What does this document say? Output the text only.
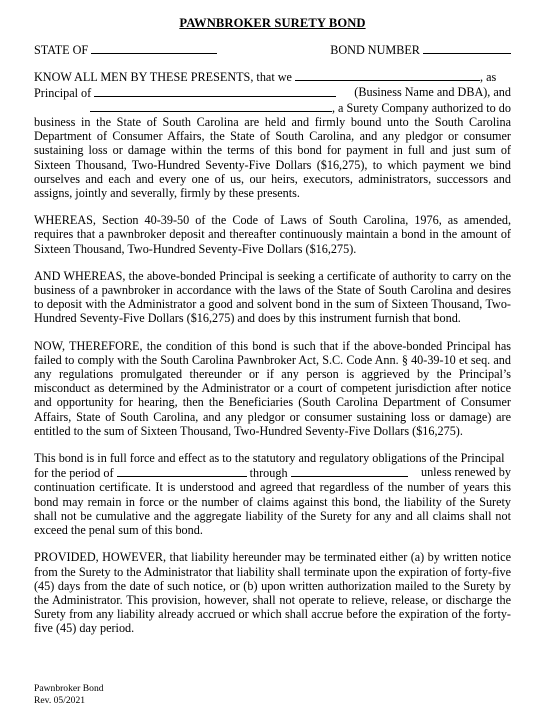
PAWNBROKER SURETY BOND

STATE OF	BOND NUMBER
KNOW ALL MEN BY THESE PRESENTS, that we	, as
Principal of	(Business Name and DBA), and
, a Surety Company authorized to do

business in the State of South Carolina are held and firmly bound unto the South Carolina Department of Consumer Affairs, the State of South Carolina, and any pledgor or consumer sustaining loss or damage within the terms of this bond for payment in full and just sum of Sixteen Thousand, Two-Hundred Seventy-Five Dollars ($16,275), to which payment we bind ourselves and each and every one of us, our heirs, executors, administrators, successors and assigns, jointly and severally, firmly by these presents.

WHEREAS, Section 40-39-50 of the Code of Laws of South Carolina, 1976, as amended, requires that a pawnbroker deposit and thereafter continuously maintain a bond in the amount of Sixteen Thousand, Two-Hundred Seventy-Five Dollars ($16,275).

AND WHEREAS, the above-bonded Principal is seeking a certificate of authority to carry on the business of a pawnbroker in accordance with the laws of the State of South Carolina and desires to deposit with the Administrator a good and solvent bond in the sum of Sixteen Thousand, Two-Hundred Seventy-Five Dollars ($16,275) and does by this instrument furnish that bond.

NOW, THEREFORE, the condition of this bond is such that if the above-bonded Principal has failed to comply with the South Carolina Pawnbroker Act, S.C. Code Ann. § 40-39-10 et seq. and any regulations promulgated thereunder or if any person is aggrieved by the Principal’s misconduct as determined by the Administrator or a court of competent jurisdiction after notice and opportunity for hearing, then the Beneficiaries (South Carolina Department of Consumer Affairs, State of South Carolina, and any pledgor or consumer sustaining loss or damage) are entitled to the sum of Sixteen Thousand, Two-Hundred Seventy-Five Dollars ($16,275).

This bond is in full force and effect as to the statutory and regulatory obligations of the Principal

for the period of	through	unless renewed by

continuation certificate. It is understood and agreed that regardless of the number of years this bond may remain in force or the number of claims against this bond, the liability of the Surety shall not be cumulative and the aggregate liability of the Surety for any and all claims shall not exceed the penal sum of this bond.

PROVIDED, HOWEVER, that liability hereunder may be terminated either (a) by written notice from the Surety to the Administrator that liability shall terminate upon the expiration of forty-five (45) days from the date of such notice, or (b) upon written authorization mailed to the Surety by the Administrator. This provision, however, shall not operate to relieve, release, or discharge the Surety from any liability already accrued or which shall accrue before the expiration of the forty-five (45) day period.

Pawnbroker Bond
Rev. 05/2021
